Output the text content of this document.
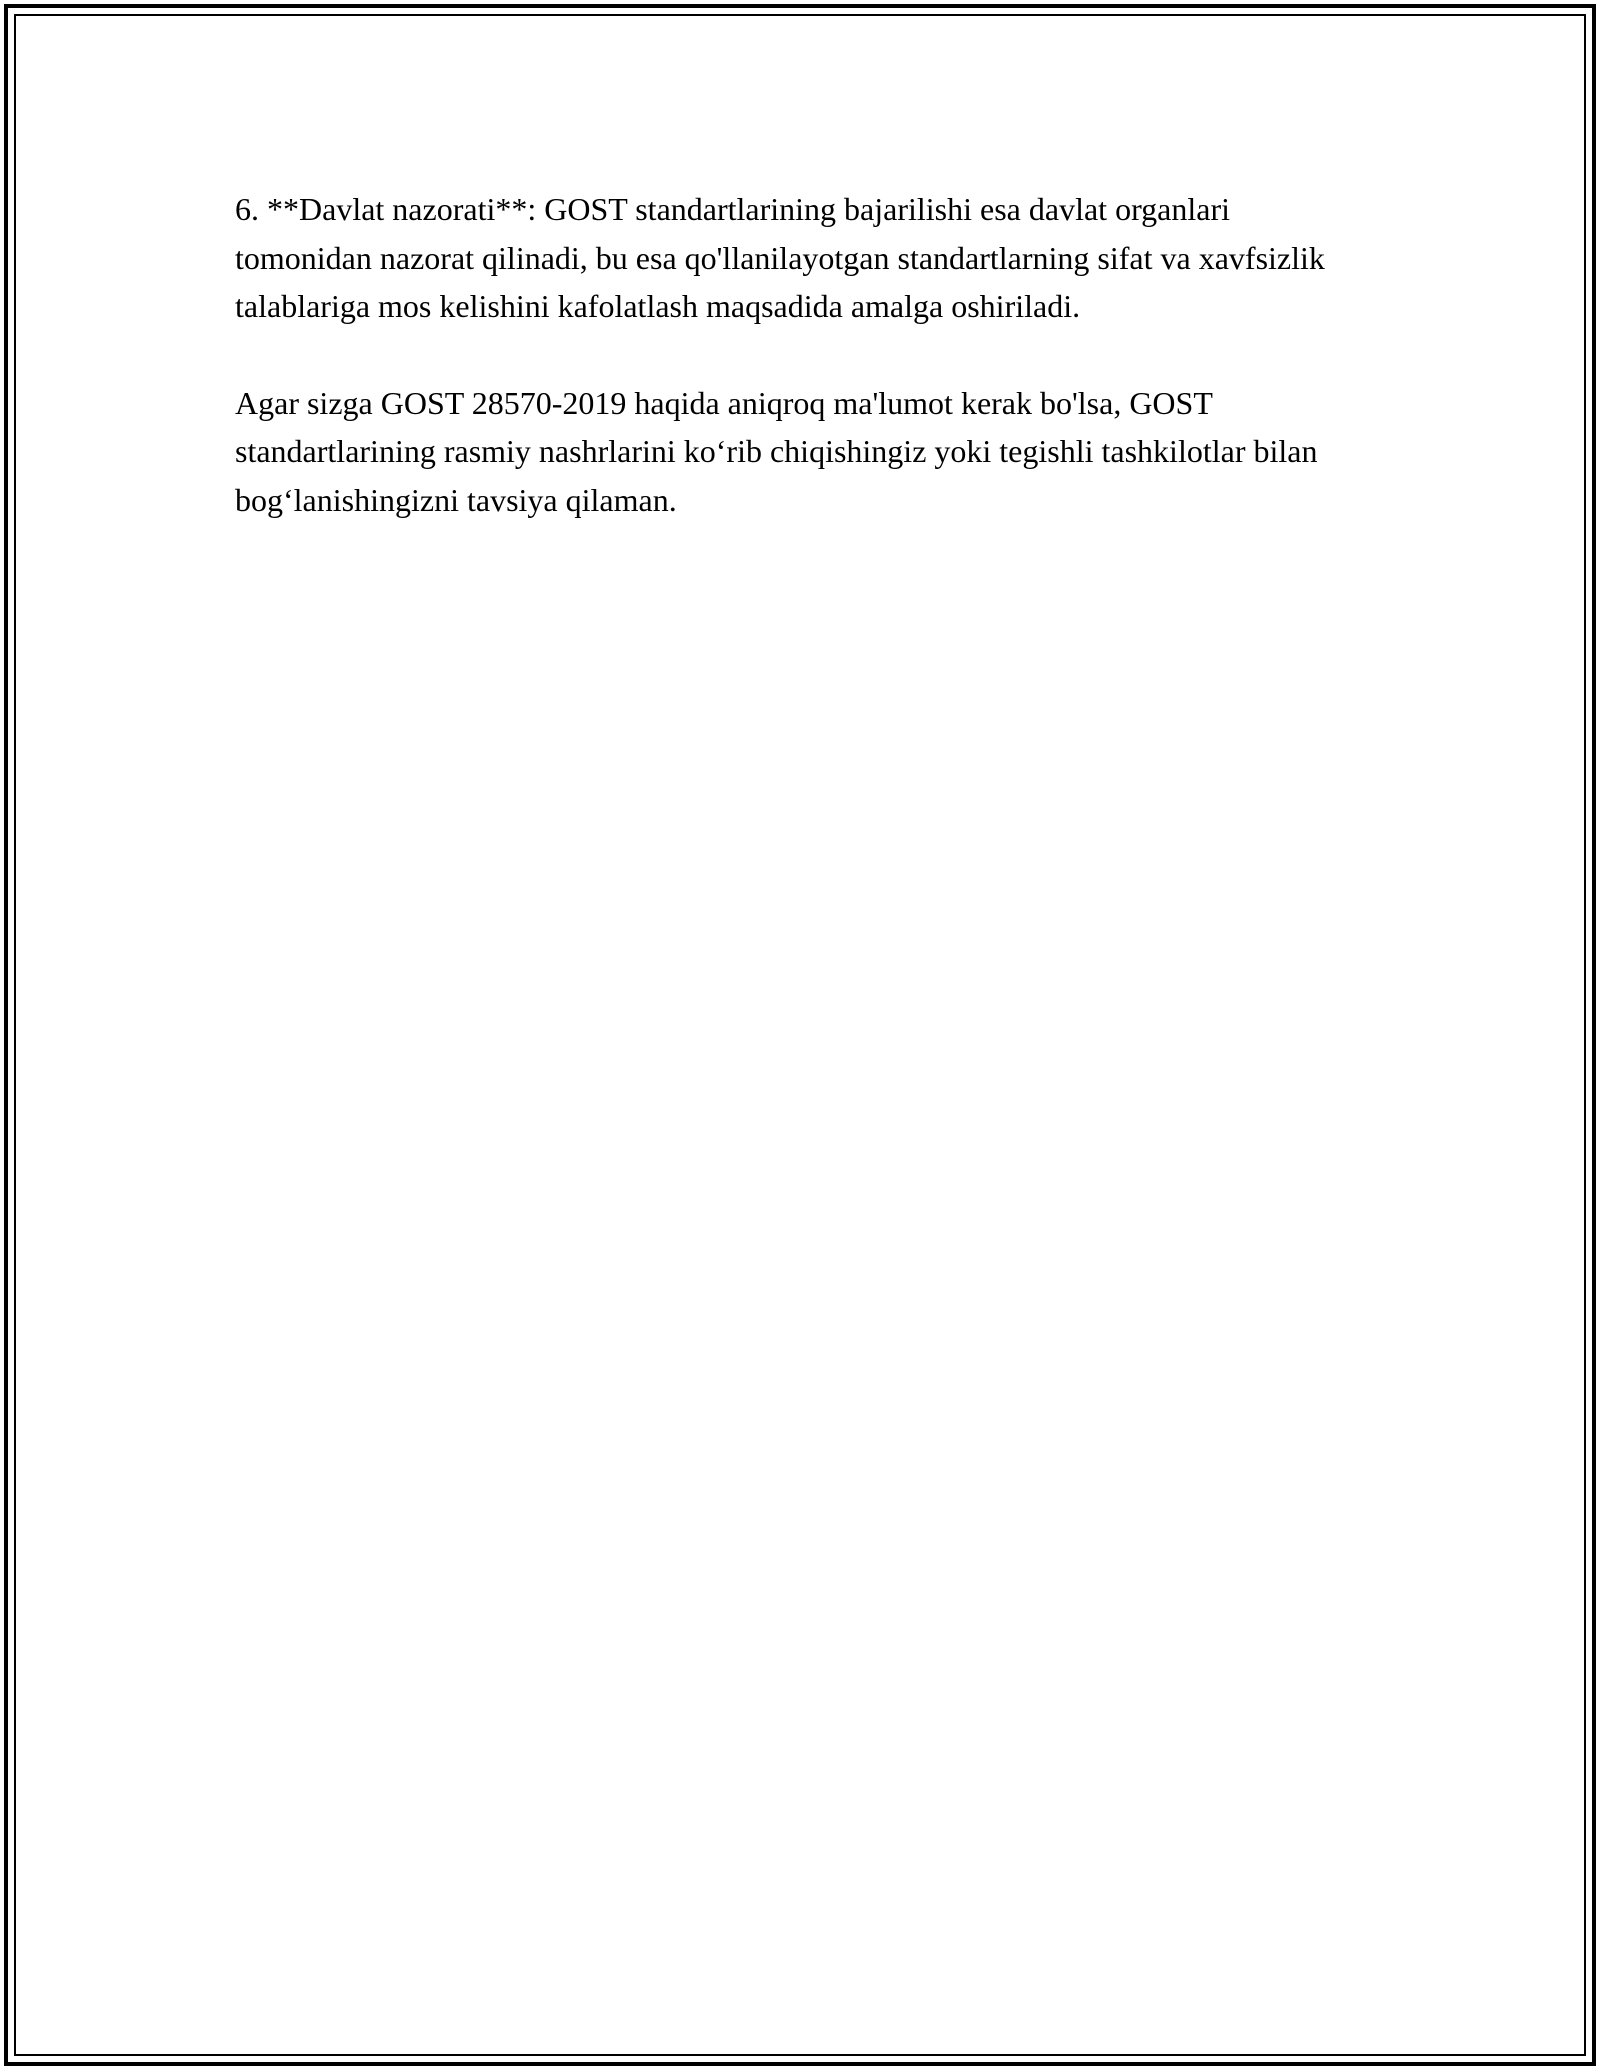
6. **Davlat nazorati**: GOST standartlarining bajarilishi esa davlat organlari tomonidan nazorat qilinadi, bu esa qo'llanilayotgan standartlarning sifat va xavfsizlik talablariga mos kelishini kafolatlash maqsadida amalga oshiriladi.

Agar sizga GOST 28570-2019 haqida aniqroq ma'lumot kerak bo'lsa, GOST standartlarining rasmiy nashrlarini ko‘rib chiqishingiz yoki tegishli tashkilotlar bilan bog‘lanishingizni tavsiya qilaman.
